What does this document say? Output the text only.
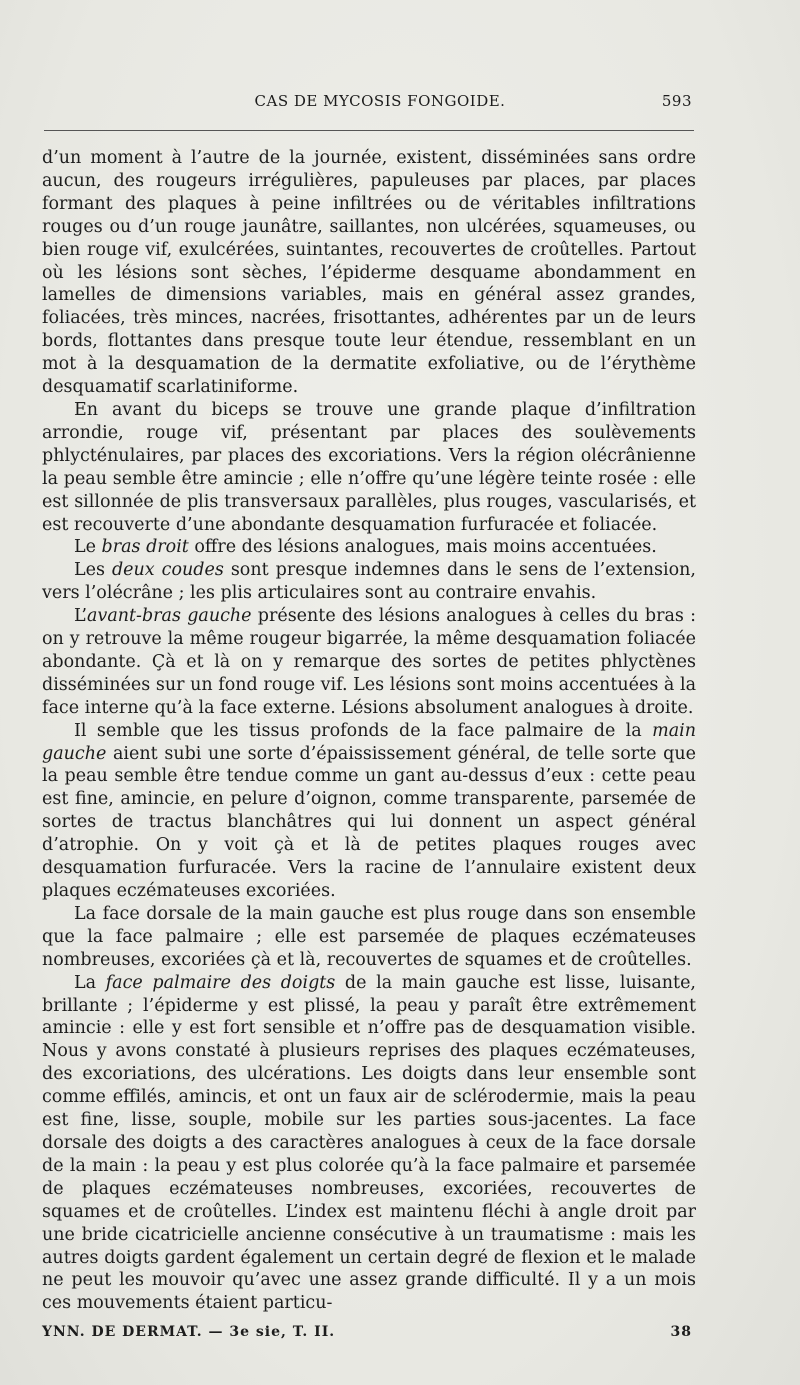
CAS DE MYCOSIS FONGOIDE.	593

d’un moment à l’autre de la journée, existent, disséminées sans ordre aucun, des rougeurs irrégulières, papuleuses par places, par places formant des plaques à peine infiltrées ou de véritables infiltrations rouges ou d’un rouge jaunâtre, saillantes, non ulcérées, squameuses, ou bien rouge vif, exulcérées, suintantes, recouvertes de croûtelles. Partout où les lésions sont sèches, l’épiderme desquame abondamment en lamelles de dimensions variables, mais en général assez grandes, foliacées, très minces, nacrées, frisottantes, adhérentes par un de leurs bords, flottantes dans presque toute leur étendue, ressemblant en un mot à la desquamation de la dermatite exfoliative, ou de l’érythème desquamatif scarlatiniforme.

En avant du biceps se trouve une grande plaque d’infiltration arrondie, rouge vif, présentant par places des soulèvements phlycténulaires, par places des excoriations. Vers la région olécrânienne la peau semble être amincie ; elle n’offre qu’une légère teinte rosée : elle est sillonnée de plis transversaux parallèles, plus rouges, vascularisés, et est recouverte d’une abondante desquamation furfuracée et foliacée.

Le bras droit offre des lésions analogues, mais moins accentuées.

Les deux coudes sont presque indemnes dans le sens de l’extension, vers l’olécrâne ; les plis articulaires sont au contraire envahis.

L’avant-bras gauche présente des lésions analogues à celles du bras : on y retrouve la même rougeur bigarrée, la même desquamation foliacée abondante. Çà et là on y remarque des sortes de petites phlyctènes disséminées sur un fond rouge vif. Les lésions sont moins accentuées à la face interne qu’à la face externe. Lésions absolument analogues à droite.

Il semble que les tissus profonds de la face palmaire de la main gauche aient subi une sorte d’épaississement général, de telle sorte que la peau semble être tendue comme un gant au-dessus d’eux : cette peau est fine, amincie, en pelure d’oignon, comme transparente, parsemée de sortes de tractus blanchâtres qui lui donnent un aspect général d’atrophie. On y voit çà et là de petites plaques rouges avec desquamation furfuracée. Vers la racine de l’annulaire existent deux plaques eczémateuses excoriées.

La face dorsale de la main gauche est plus rouge dans son ensemble que la face palmaire ; elle est parsemée de plaques eczémateuses nombreuses, excoriées çà et là, recouvertes de squames et de croûtelles.

La face palmaire des doigts de la main gauche est lisse, luisante, brillante ; l’épiderme y est plissé, la peau y paraît être extrêmement amincie : elle y est fort sensible et n’offre pas de desquamation visible. Nous y avons constaté à plusieurs reprises des plaques eczémateuses, des excoriations, des ulcérations. Les doigts dans leur ensemble sont comme effilés, amincis, et ont un faux air de sclérodermie, mais la peau est fine, lisse, souple, mobile sur les parties sous-jacentes. La face dorsale des doigts a des caractères analogues à ceux de la face dorsale de la main : la peau y est plus colorée qu’à la face palmaire et parsemée de plaques eczémateuses nombreuses, excoriées, recouvertes de squames et de croûtelles. L’index est maintenu fléchi à angle droit par une bride cicatricielle ancienne consécutive à un traumatisme : mais les autres doigts gardent également un certain degré de flexion et le malade ne peut les mouvoir qu’avec une assez grande difficulté. Il y a un mois ces mouvements étaient particu-

YNN. DE DERMAT. — 3e sie, T. II.	38
